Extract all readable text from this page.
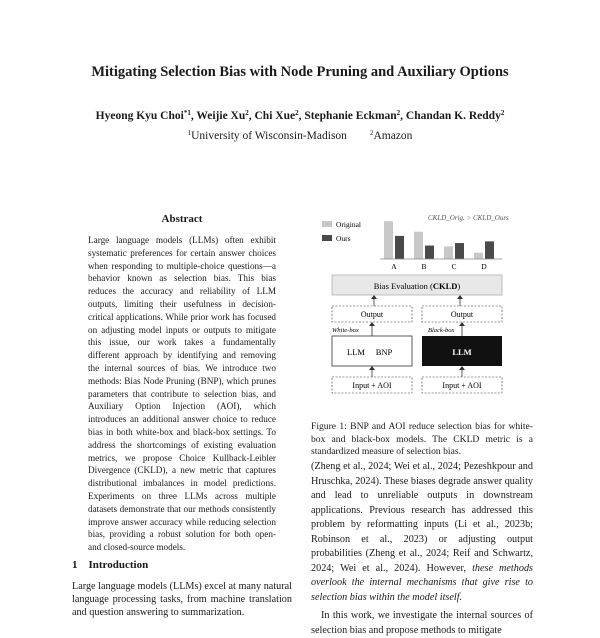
Mitigating Selection Bias with Node Pruning and Auxiliary Options
Hyeong Kyu Choi$^{*1}$, Weijie Xu$^2$, Chi Xue$^2$, Stephanie Eckman$^2$, Chandan K. Reddy$^2$
$^1$University of Wisconsin-Madison	$^2$Amazon
Abstract
Large language models (LLMs) often exhibit systematic preferences for certain answer choices when responding to multiple-choice questions—a behavior known as selection bias. This bias reduces the accuracy and reliability of LLM outputs, limiting their usefulness in decision-critical applications. While prior work has focused on adjusting model inputs or outputs to mitigate this issue, our work takes a fundamentally different approach by identifying and removing the internal sources of bias. We introduce two methods: Bias Node Pruning (BNP), which prunes parameters that contribute to selection bias, and Auxiliary Option Injection (AOI), which introduces an additional answer choice to reduce bias in both white-box and black-box settings. To address the shortcomings of existing evaluation metrics, we propose Choice Kullback-Leibler Divergence (CKLD), a new metric that captures distributional imbalances in model predictions. Experiments on three LLMs across multiple datasets demonstrate that our methods consistently improve answer accuracy while reducing selection bias, providing a robust solution for both open- and closed-source models.
1 Introduction
Large language models (LLMs) excel at many natural language processing tasks, from machine translation and question answering to summarization.
Original
Ours
CKLD_Orig. > CKLD_Ours
A	B	C	D
Bias Evaluation (CKLD)
Output	Output
White-box	Black-box
LLM BNP	LLM
Input + AOI	Input + AOI
Figure 1: BNP and AOI reduce selection bias for white-box and black-box models. The CKLD metric is a standardized measure of selection bias.

(Zheng et al., 2024; Wei et al., 2024; Pezeshkpour and Hruschka, 2024). These biases degrade answer quality and lead to unreliable outputs in downstream applications. Previous research has addressed this problem by reformatting inputs (Li et al., 2023b; Robinson et al., 2023) or adjusting output probabilities (Zheng et al., 2024; Reif and Schwartz, 2024; Wei et al., 2024). However, these methods overlook the internal mechanisms that give rise to selection bias within the model itself.

In this work, we investigate the internal sources of selection bias and propose methods to mitigate
